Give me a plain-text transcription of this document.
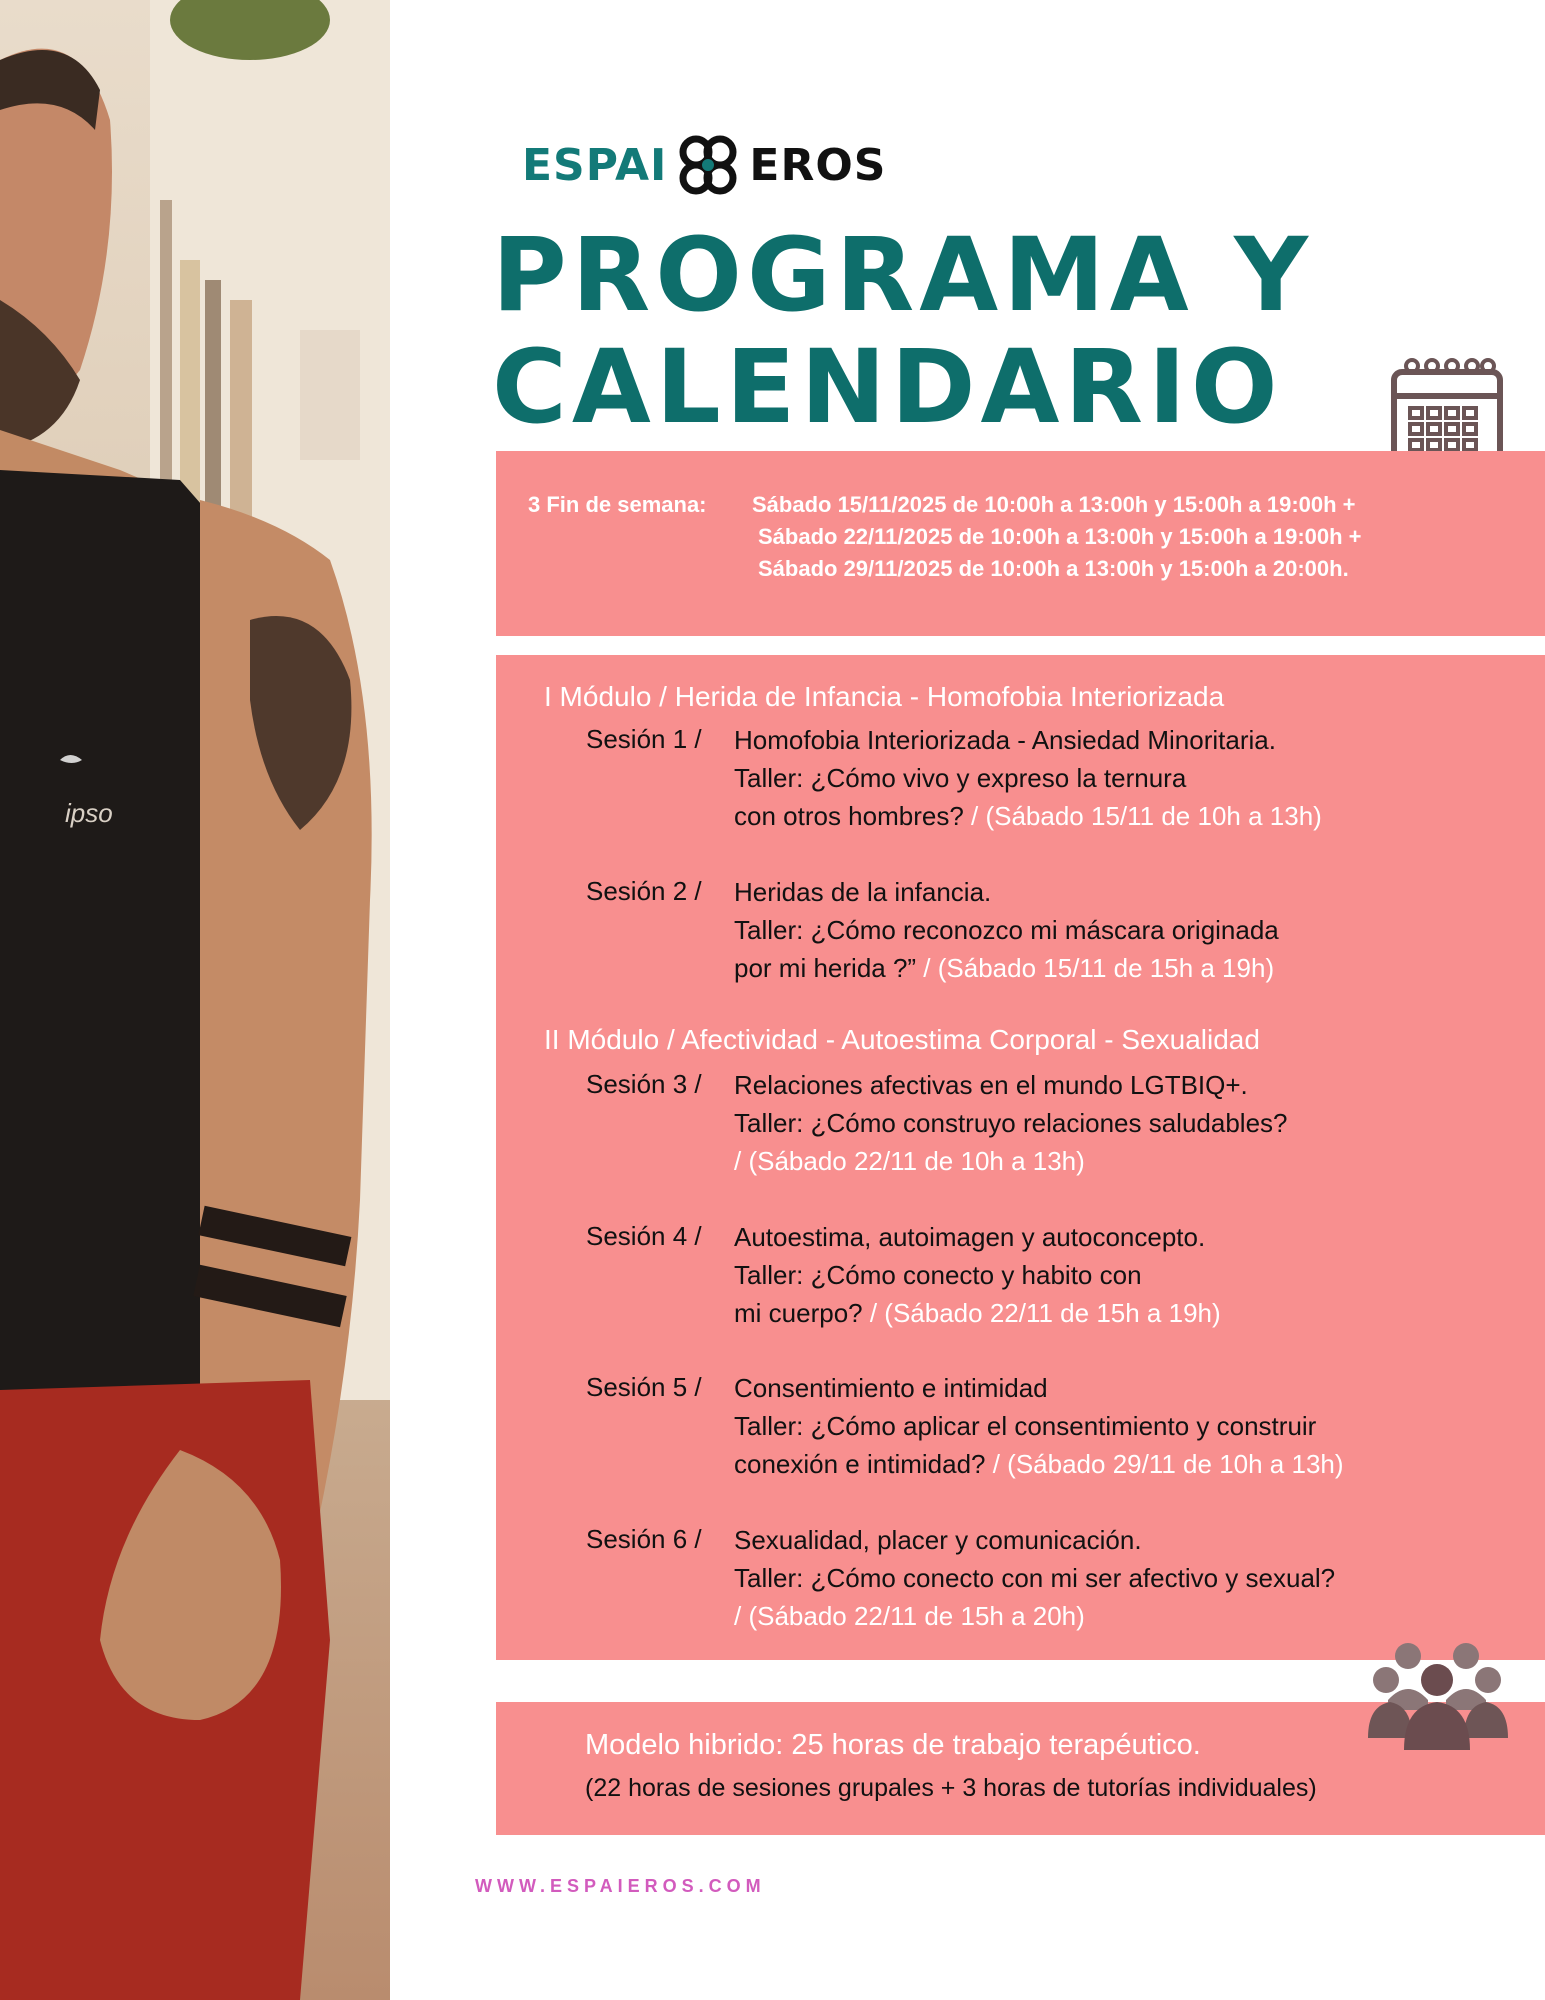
ipso
ESPAI EROS
PROGRAMA Y
CALENDARIO
3 Fin de semana: Sábado 15/11/2025 de 10:00h a 13:00h y 15:00h a 19:00h +
Sábado 22/11/2025 de 10:00h a 13:00h y 15:00h a 19:00h +
Sábado 29/11/2025 de 10:00h a 13:00h y 15:00h a 20:00h.
I Módulo / Herida de Infancia - Homofobia Interiorizada
Sesión 1 / Homofobia Interiorizada - Ansiedad Minoritaria.
Taller: ¿Cómo vivo y expreso la ternura
con otros hombres? / (Sábado 15/11 de 10h a 13h)
Sesión 2 / Heridas de la infancia.
Taller: ¿Cómo reconozco mi máscara originada
por mi herida ?” / (Sábado 15/11 de 15h a 19h)
II Módulo / Afectividad - Autoestima Corporal - Sexualidad
Sesión 3 / Relaciones afectivas en el mundo LGTBIQ+.
Taller: ¿Cómo construyo relaciones saludables?
/ (Sábado 22/11 de 10h a 13h)
Sesión 4 / Autoestima, autoimagen y autoconcepto.
Taller: ¿Cómo conecto y habito con
mi cuerpo? / (Sábado 22/11 de 15h a 19h)
Sesión 5 / Consentimiento e intimidad
Taller: ¿Cómo aplicar el consentimiento y construir
conexión e intimidad? / (Sábado 29/11 de 10h a 13h)
Sesión 6 / Sexualidad, placer y comunicación.
Taller: ¿Cómo conecto con mi ser afectivo y sexual?
/ (Sábado 22/11 de 15h a 20h)
Modelo hibrido: 25 horas de trabajo terapéutico.
(22 horas de sesiones grupales + 3 horas de tutorías individuales)
WWW.ESPAIEROS.COM
